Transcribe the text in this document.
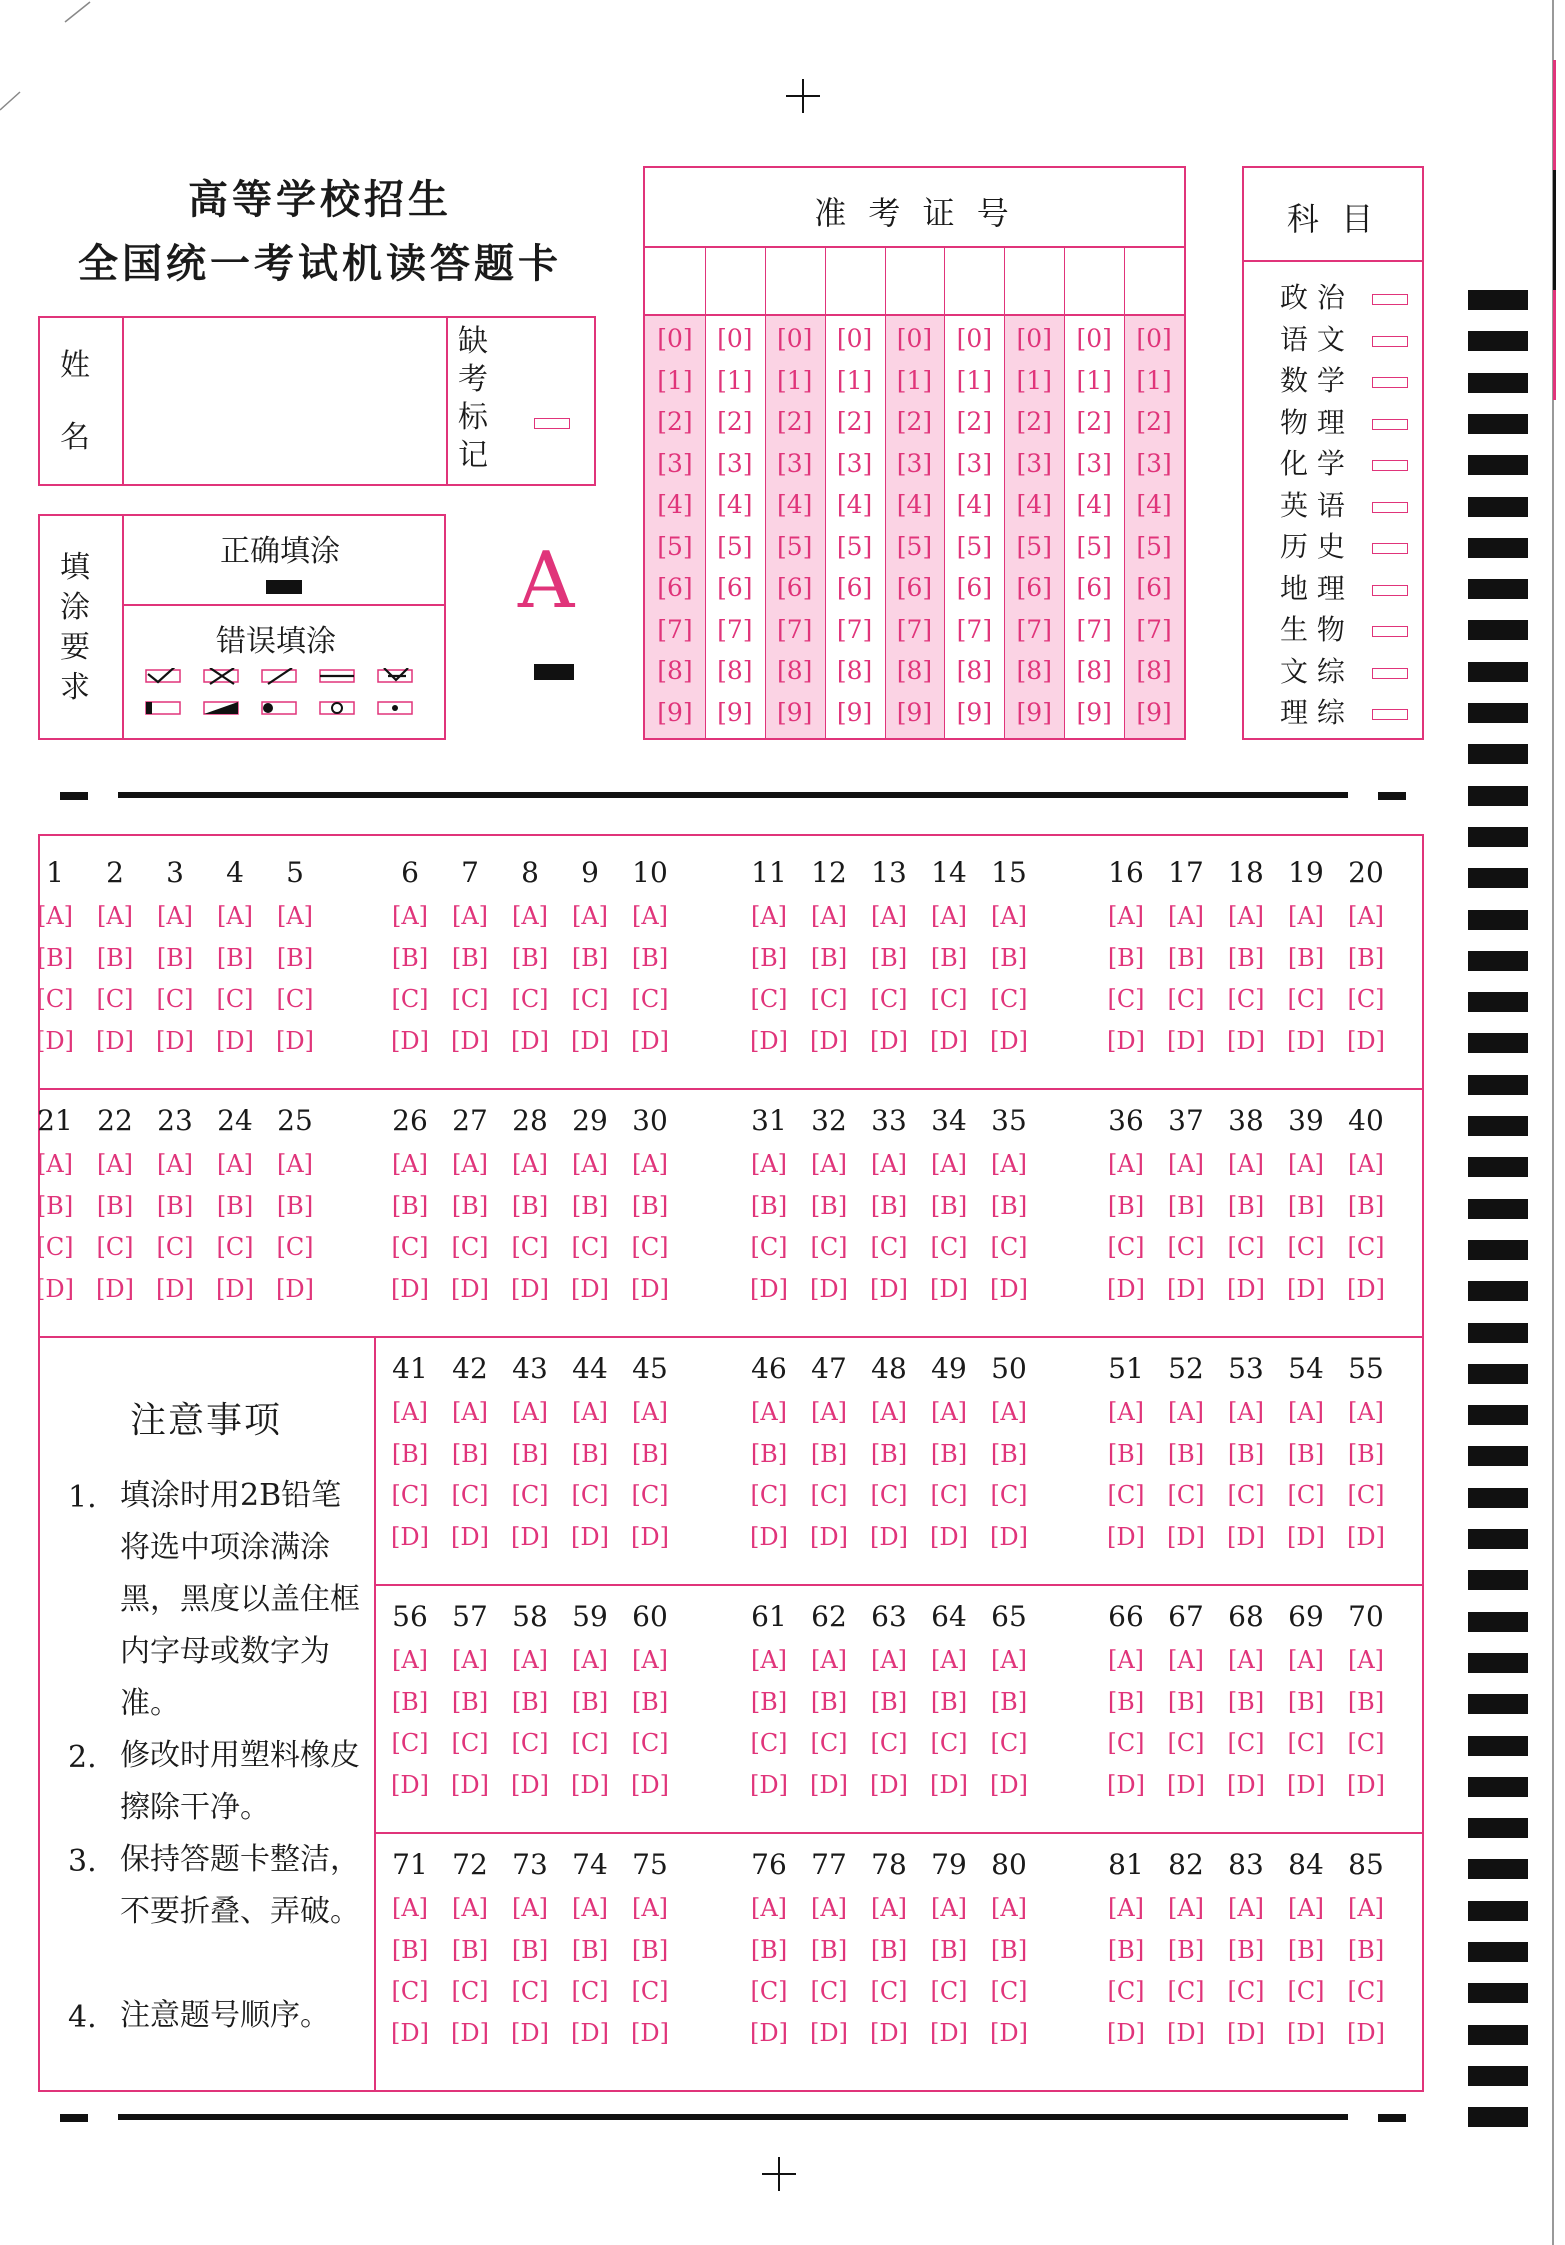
高等学校招生
全国统一考试机读答题卡
姓
名
缺
考
标
记
填
涂
要
求
正确填涂
错误填涂
A
准 考 证 号
[0]
[1]
[2]
[3]
[4]
[5]
[6]
[7]
[8]
[9]
[0]
[1]
[2]
[3]
[4]
[5]
[6]
[7]
[8]
[9]
[0]
[1]
[2]
[3]
[4]
[5]
[6]
[7]
[8]
[9]
[0]
[1]
[2]
[3]
[4]
[5]
[6]
[7]
[8]
[9]
[0]
[1]
[2]
[3]
[4]
[5]
[6]
[7]
[8]
[9]
[0]
[1]
[2]
[3]
[4]
[5]
[6]
[7]
[8]
[9]
[0]
[1]
[2]
[3]
[4]
[5]
[6]
[7]
[8]
[9]
[0]
[1]
[2]
[3]
[4]
[5]
[6]
[7]
[8]
[9]
[0]
[1]
[2]
[3]
[4]
[5]
[6]
[7]
[8]
[9]
科 目
政 治
语 文
数 学
物 理
化 学
英 语
历 史
地 理
生 物
文 综
理 综
1
[A]
[B]
[C]
[D]
2
[A]
[B]
[C]
[D]
3
[A]
[B]
[C]
[D]
4
[A]
[B]
[C]
[D]
5
[A]
[B]
[C]
[D]
6
[A]
[B]
[C]
[D]
7
[A]
[B]
[C]
[D]
8
[A]
[B]
[C]
[D]
9
[A]
[B]
[C]
[D]
10
[A]
[B]
[C]
[D]
11
[A]
[B]
[C]
[D]
12
[A]
[B]
[C]
[D]
13
[A]
[B]
[C]
[D]
14
[A]
[B]
[C]
[D]
15
[A]
[B]
[C]
[D]
16
[A]
[B]
[C]
[D]
17
[A]
[B]
[C]
[D]
18
[A]
[B]
[C]
[D]
19
[A]
[B]
[C]
[D]
20
[A]
[B]
[C]
[D]
21
[A]
[B]
[C]
[D]
22
[A]
[B]
[C]
[D]
23
[A]
[B]
[C]
[D]
24
[A]
[B]
[C]
[D]
25
[A]
[B]
[C]
[D]
26
[A]
[B]
[C]
[D]
27
[A]
[B]
[C]
[D]
28
[A]
[B]
[C]
[D]
29
[A]
[B]
[C]
[D]
30
[A]
[B]
[C]
[D]
31
[A]
[B]
[C]
[D]
32
[A]
[B]
[C]
[D]
33
[A]
[B]
[C]
[D]
34
[A]
[B]
[C]
[D]
35
[A]
[B]
[C]
[D]
36
[A]
[B]
[C]
[D]
37
[A]
[B]
[C]
[D]
38
[A]
[B]
[C]
[D]
39
[A]
[B]
[C]
[D]
40
[A]
[B]
[C]
[D]
41
[A]
[B]
[C]
[D]
42
[A]
[B]
[C]
[D]
43
[A]
[B]
[C]
[D]
44
[A]
[B]
[C]
[D]
45
[A]
[B]
[C]
[D]
46
[A]
[B]
[C]
[D]
47
[A]
[B]
[C]
[D]
48
[A]
[B]
[C]
[D]
49
[A]
[B]
[C]
[D]
50
[A]
[B]
[C]
[D]
51
[A]
[B]
[C]
[D]
52
[A]
[B]
[C]
[D]
53
[A]
[B]
[C]
[D]
54
[A]
[B]
[C]
[D]
55
[A]
[B]
[C]
[D]
56
[A]
[B]
[C]
[D]
57
[A]
[B]
[C]
[D]
58
[A]
[B]
[C]
[D]
59
[A]
[B]
[C]
[D]
60
[A]
[B]
[C]
[D]
61
[A]
[B]
[C]
[D]
62
[A]
[B]
[C]
[D]
63
[A]
[B]
[C]
[D]
64
[A]
[B]
[C]
[D]
65
[A]
[B]
[C]
[D]
66
[A]
[B]
[C]
[D]
67
[A]
[B]
[C]
[D]
68
[A]
[B]
[C]
[D]
69
[A]
[B]
[C]
[D]
70
[A]
[B]
[C]
[D]
71
[A]
[B]
[C]
[D]
72
[A]
[B]
[C]
[D]
73
[A]
[B]
[C]
[D]
74
[A]
[B]
[C]
[D]
75
[A]
[B]
[C]
[D]
76
[A]
[B]
[C]
[D]
77
[A]
[B]
[C]
[D]
78
[A]
[B]
[C]
[D]
79
[A]
[B]
[C]
[D]
80
[A]
[B]
[C]
[D]
81
[A]
[B]
[C]
[D]
82
[A]
[B]
[C]
[D]
83
[A]
[B]
[C]
[D]
84
[A]
[B]
[C]
[D]
85
[A]
[B]
[C]
[D]
注意事项
1. 填涂时用2B铅笔将选中项涂满涂黑，黑度以盖住框内字母或数字为准。
2. 修改时用塑料橡皮擦除干净。
3. 保持答题卡整洁，不要折叠、弄破。
4. 注意题号顺序。
